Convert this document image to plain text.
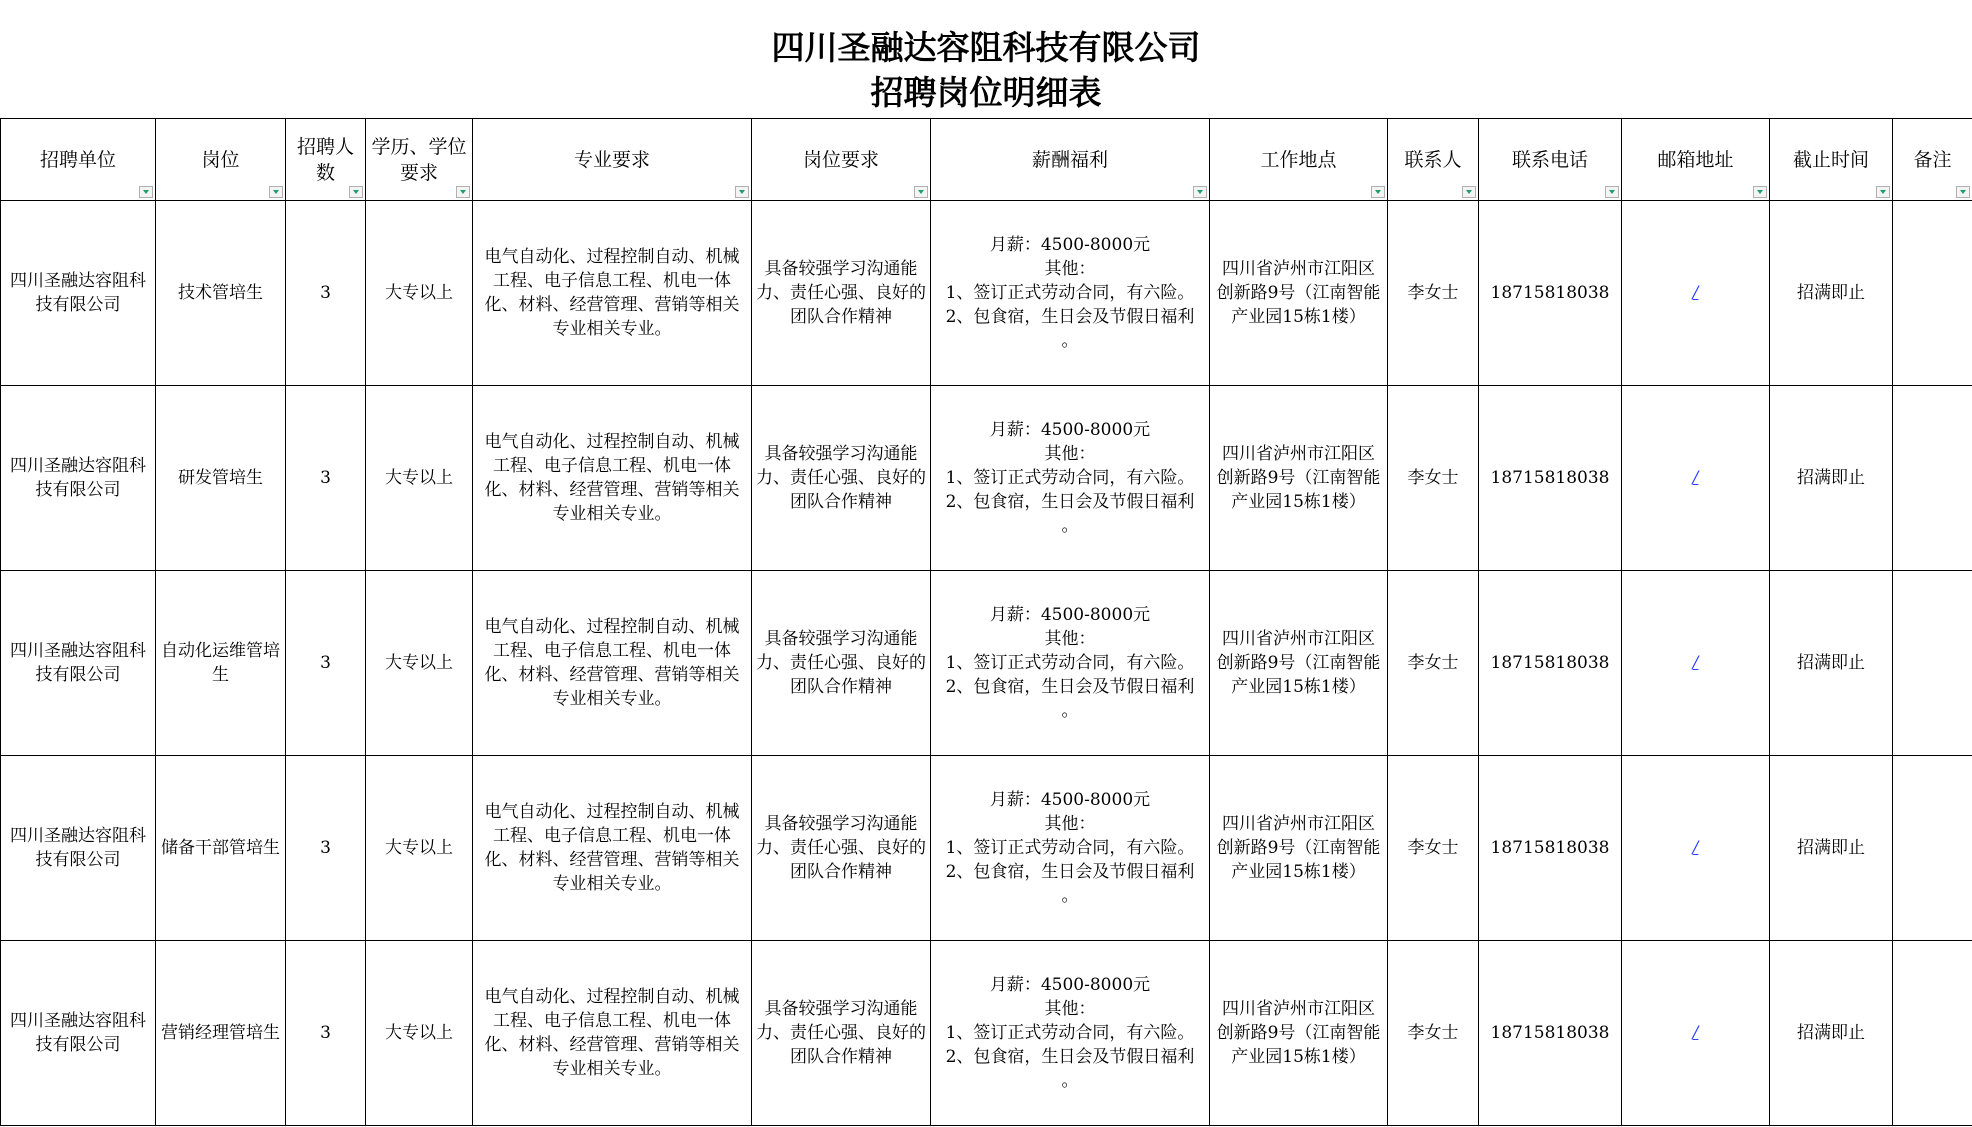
四川圣融达容阻科技有限公司
招聘岗位明细表
招聘单位	岗位	招聘人数	学历、学位要求	专业要求	岗位要求	薪酬福利	工作地点	联系人	联系电话	邮箱地址	截止时间	备注

四川圣融达容阻科技有限公司	技术管培生	3	大专以上	电气自动化、过程控制自动、机械工程、电子信息工程、机电一体化、材料、经营管理、营销等相关专业相关专业。	具备较强学习沟通能力、责任心强、良好的团队合作精神	月薪：4500-8000元
其他：
1、签订正式劳动合同，有六险。
2、包食宿，生日会及节假日福利
。	四川省泸州市江阳区创新路9号（江南智能产业园15栋1楼）	李女士	18715818038	/	招满即止	
四川圣融达容阻科技有限公司	研发管培生	3	大专以上	电气自动化、过程控制自动、机械工程、电子信息工程、机电一体化、材料、经营管理、营销等相关专业相关专业。	具备较强学习沟通能力、责任心强、良好的团队合作精神	月薪：4500-8000元
其他：
1、签订正式劳动合同，有六险。
2、包食宿，生日会及节假日福利
。	四川省泸州市江阳区创新路9号（江南智能产业园15栋1楼）	李女士	18715818038	/	招满即止	
四川圣融达容阻科技有限公司	自动化运维管培生	3	大专以上	电气自动化、过程控制自动、机械工程、电子信息工程、机电一体化、材料、经营管理、营销等相关专业相关专业。	具备较强学习沟通能力、责任心强、良好的团队合作精神	月薪：4500-8000元
其他：
1、签订正式劳动合同，有六险。
2、包食宿，生日会及节假日福利
。	四川省泸州市江阳区创新路9号（江南智能产业园15栋1楼）	李女士	18715818038	/	招满即止	
四川圣融达容阻科技有限公司	储备干部管培生	3	大专以上	电气自动化、过程控制自动、机械工程、电子信息工程、机电一体化、材料、经营管理、营销等相关专业相关专业。	具备较强学习沟通能力、责任心强、良好的团队合作精神	月薪：4500-8000元
其他：
1、签订正式劳动合同，有六险。
2、包食宿，生日会及节假日福利
。	四川省泸州市江阳区创新路9号（江南智能产业园15栋1楼）	李女士	18715818038	/	招满即止	
四川圣融达容阻科技有限公司	营销经理管培生	3	大专以上	电气自动化、过程控制自动、机械工程、电子信息工程、机电一体化、材料、经营管理、营销等相关专业相关专业。	具备较强学习沟通能力、责任心强、良好的团队合作精神	月薪：4500-8000元
其他：
1、签订正式劳动合同，有六险。
2、包食宿，生日会及节假日福利
。	四川省泸州市江阳区创新路9号（江南智能产业园15栋1楼）	李女士	18715818038	/	招满即止	
